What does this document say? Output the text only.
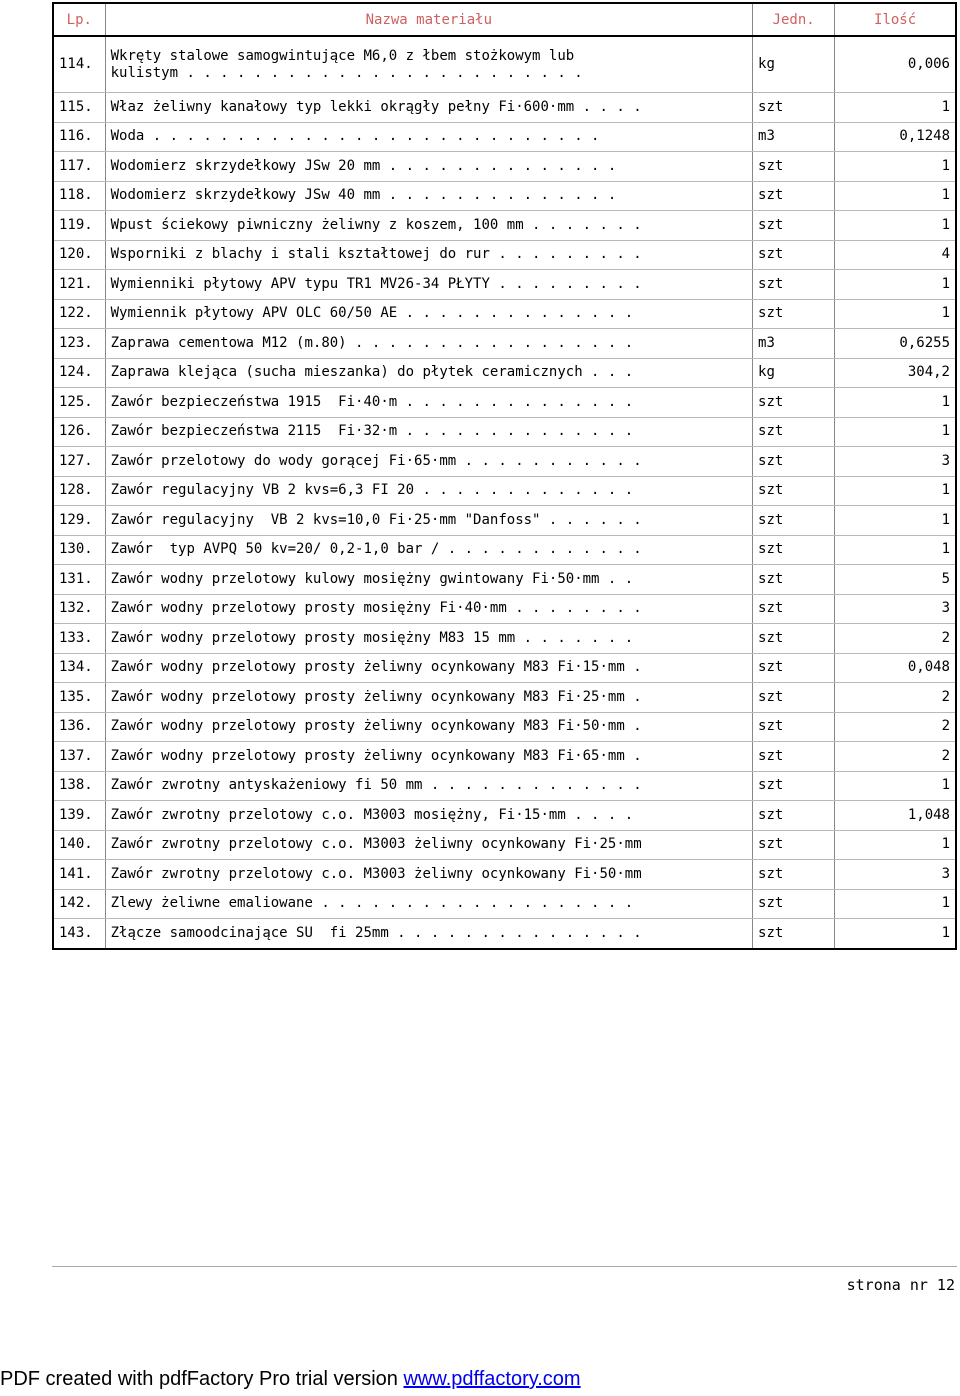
Lp.	Nazwa materiału	Jedn.	Ilość
114.	Wkręty stalowe samogwintujące M6,0 z łbem stożkowym lub
kulistym . . . . . . . . . . . . . . . . . . . . . . . .	kg	0,006
115.	Właz żeliwny kanałowy typ lekki okrągły pełny Fi·600·mm . . . .	szt	1
116.	Woda . . . . . . . . . . . . . . . . . . . . . . . . . . .	m3	0,1248
117.	Wodomierz skrzydełkowy JSw 20 mm . . . . . . . . . . . . . .	szt	1
118.	Wodomierz skrzydełkowy JSw 40 mm . . . . . . . . . . . . . .	szt	1
119.	Wpust ściekowy piwniczny żeliwny z koszem, 100 mm . . . . . . .	szt	1
120.	Wsporniki z blachy i stali kształtowej do rur . . . . . . . . .	szt	4
121.	Wymienniki płytowy APV typu TR1 MV26-34 PŁYTY . . . . . . . . .	szt	1
122.	Wymiennik płytowy APV OLC 60/50 AE . . . . . . . . . . . . . .	szt	1
123.	Zaprawa cementowa M12 (m.80) . . . . . . . . . . . . . . . . .	m3	0,6255
124.	Zaprawa klejąca (sucha mieszanka) do płytek ceramicznych . . .	kg	304,2
125.	Zawór bezpieczeństwa 1915  Fi·40·m . . . . . . . . . . . . . .	szt	1
126.	Zawór bezpieczeństwa 2115  Fi·32·m . . . . . . . . . . . . . .	szt	1
127.	Zawór przelotowy do wody gorącej Fi·65·mm . . . . . . . . . . .	szt	3
128.	Zawór regulacyjny VB 2 kvs=6,3 FI 20 . . . . . . . . . . . . .	szt	1
129.	Zawór regulacyjny  VB 2 kvs=10,0 Fi·25·mm "Danfoss" . . . . . .	szt	1
130.	Zawór  typ AVPQ 50 kv=20/ 0,2-1,0 bar / . . . . . . . . . . . .	szt	1
131.	Zawór wodny przelotowy kulowy mosiężny gwintowany Fi·50·mm . .	szt	5
132.	Zawór wodny przelotowy prosty mosiężny Fi·40·mm . . . . . . . .	szt	3
133.	Zawór wodny przelotowy prosty mosiężny M83 15 mm . . . . . . .	szt	2
134.	Zawór wodny przelotowy prosty żeliwny ocynkowany M83 Fi·15·mm .	szt	0,048
135.	Zawór wodny przelotowy prosty żeliwny ocynkowany M83 Fi·25·mm .	szt	2
136.	Zawór wodny przelotowy prosty żeliwny ocynkowany M83 Fi·50·mm .	szt	2
137.	Zawór wodny przelotowy prosty żeliwny ocynkowany M83 Fi·65·mm .	szt	2
138.	Zawór zwrotny antyskażeniowy fi 50 mm . . . . . . . . . . . . .	szt	1
139.	Zawór zwrotny przelotowy c.o. M3003 mosiężny, Fi·15·mm . . . .	szt	1,048
140.	Zawór zwrotny przelotowy c.o. M3003 żeliwny ocynkowany Fi·25·mm	szt	1
141.	Zawór zwrotny przelotowy c.o. M3003 żeliwny ocynkowany Fi·50·mm	szt	3
142.	Zlewy żeliwne emaliowane . . . . . . . . . . . . . . . . . . .	szt	1
143.	Złącze samoodcinające SU  fi 25mm . . . . . . . . . . . . . . .	szt	1
strona nr 12
PDF created with pdfFactory Pro trial version www.pdffactory.com
